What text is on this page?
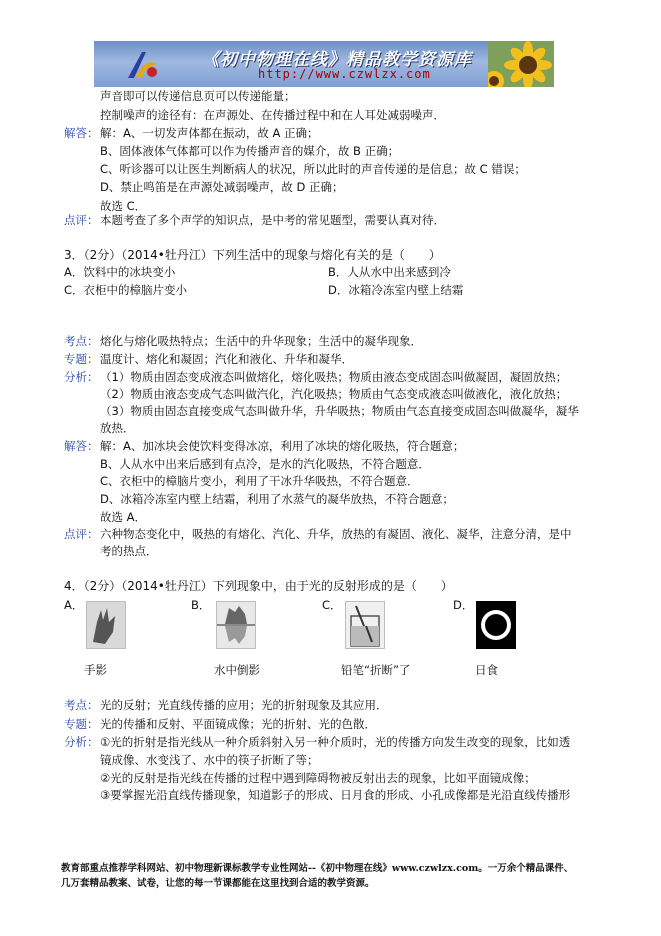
《初中物理在线》精品教学资源库
http://www.czwlzx.com
声音即可以传递信息页可以传递能量；
控制噪声的途径有：在声源处、在传播过程中和在人耳处减弱噪声．
解答： 解：A、一切发声体都在振动，故 A 正确；
B、固体液体气体都可以作为传播声音的媒介，故 B 正确；
C、听诊器可以让医生判断病人的状况，所以此时的声音传递的是信息；故 C 错误；
D、禁止鸣笛是在声源处减弱噪声，故 D 正确；
故选 C．
点评： 本题考查了多个声学的知识点，是中考的常见题型，需要认真对待．
3．（2分）（2014•牡丹江）下列生活中的现象与熔化有关的是（　　）
A．饮料中的冰块变小	B．人从水中出来感到冷
C．衣柜中的樟脑片变小	D．冰箱冷冻室内壁上结霜
考点： 熔化与熔化吸热特点；生活中的升华现象；生活中的凝华现象．
专题： 温度计、熔化和凝固；汽化和液化、升华和凝华．
分析： （1）物质由固态变成液态叫做熔化，熔化吸热；物质由液态变成固态叫做凝固，凝固放热；
（2）物质由液态变成气态叫做汽化，汽化吸热；物质由气态变成液态叫做液化，液化放热；
（3）物质由固态直接变成气态叫做升华，升华吸热；物质由气态直接变成固态叫做凝华，凝华
放热．
解答： 解：A、加冰块会使饮料变得冰凉，利用了冰块的熔化吸热，符合题意；
B、人从水中出来后感到有点冷，是水的汽化吸热，不符合题意．
C、衣柜中的樟脑片变小，利用了干冰升华吸热，不符合题意．
D、冰箱冷冻室内壁上结霜，利用了水蒸气的凝华放热，不符合题意；
故选 A．
点评： 六种物态变化中，吸热的有熔化、汽化、升华，放热的有凝固、液化、凝华，注意分清，是中
考的热点．
4．（2分）（2014•牡丹江）下列现象中，由于光的反射形成的是（　　）
A．
手影
B．
水中倒影
C．
铅笔“折断”了
D．
日食
考点： 光的反射；光直线传播的应用；光的折射现象及其应用．
专题： 光的传播和反射、平面镜成像；光的折射、光的色散．
分析： ①光的折射是指光线从一种介质斜射入另一种介质时，光的传播方向发生改变的现象，比如透
镜成像、水变浅了、水中的筷子折断了等；
②光的反射是指光线在传播的过程中遇到障碍物被反射出去的现象，比如平面镜成像；
③要掌握光沿直线传播现象，知道影子的形成、日月食的形成、小孔成像都是光沿直线传播形
教育部重点推荐学科网站、初中物理新课标教学专业性网站--《初中物理在线》www.czwlzx.com。一万余个精品课件、
几万套精品教案、试卷，让您的每一节课都能在这里找到合适的教学资源。
